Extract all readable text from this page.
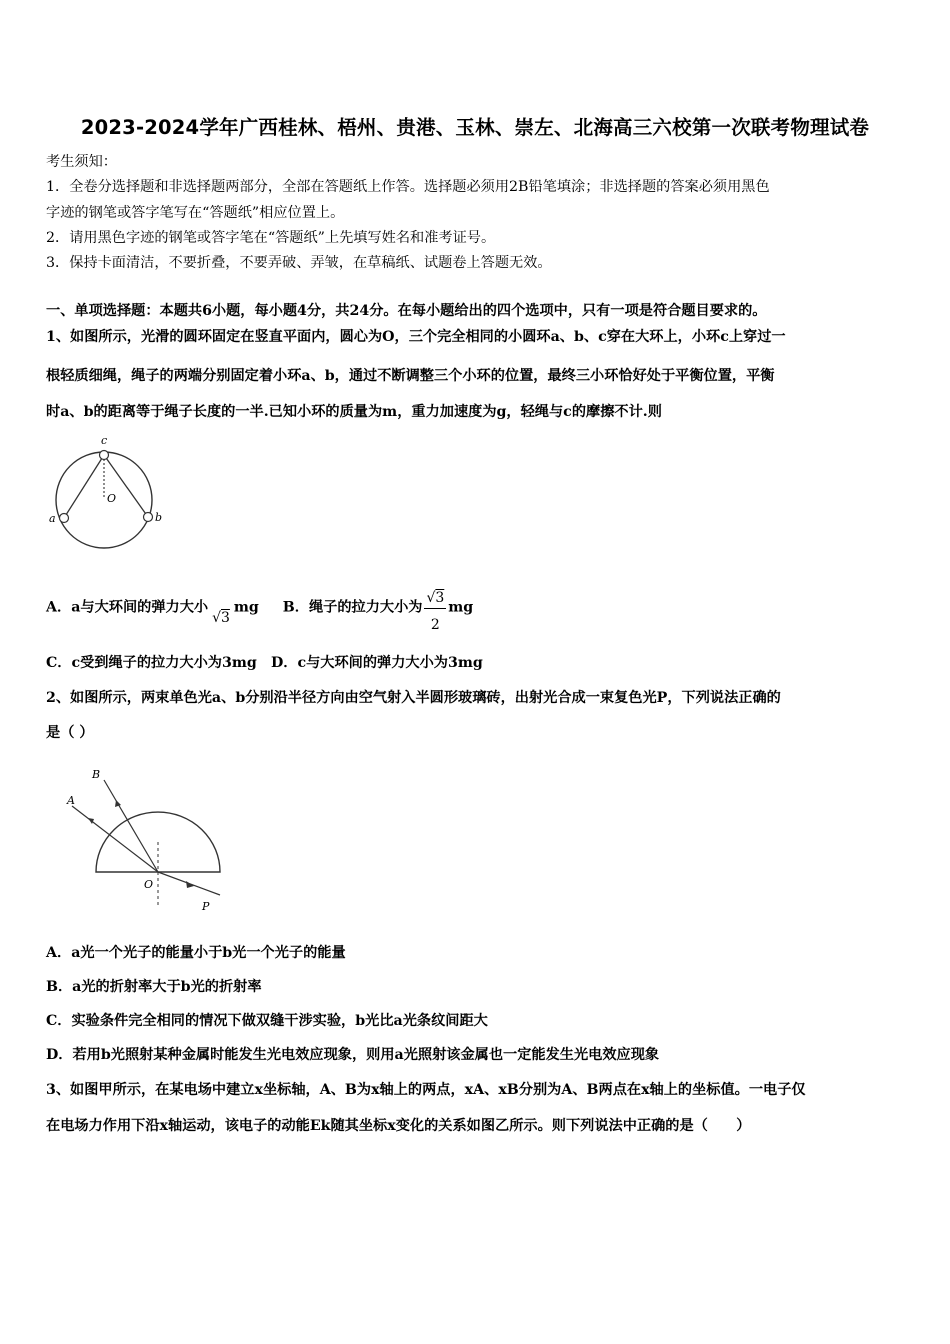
2023-2024学年广西桂林、梧州、贵港、玉林、崇左、北海高三六校第一次联考物理试卷
考生须知：
1．全卷分选择题和非选择题两部分，全部在答题纸上作答。选择题必须用2B铅笔填涂；非选择题的答案必须用黑色
字迹的钢笔或答字笔写在“答题纸”相应位置上。
2．请用黑色字迹的钢笔或答字笔在“答题纸”上先填写姓名和准考证号。
3．保持卡面清洁，不要折叠，不要弄破、弄皱，在草稿纸、试题卷上答题无效。
一、单项选择题：本题共6小题，每小题4分，共24分。在每小题给出的四个选项中，只有一项是符合题目要求的。
1、如图所示，光滑的圆环固定在竖直平面内，圆心为O，三个完全相同的小圆环a、b、c穿在大环上，小环c上穿过一
根轻质细绳，绳子的两端分别固定着小环a、b，通过不断调整三个小环的位置，最终三小环恰好处于平衡位置，平衡
时a、b的距离等于绳子长度的一半.已知小环的质量为m，重力加速度为g，轻绳与c的摩擦不计.则
c
O
a	b
A．a与大环间的弹力大小√3mg B．绳子的拉力大小为 $\frac{√3}{2}$ mg
C．c受到绳子的拉力大小为3mg　D．c与大环间的弹力大小为3mg
2、如图所示，两束单色光a、b分别沿半径方向由空气射入半圆形玻璃砖，出射光合成一束复色光P，下列说法正确的
是（ ）
A
B
O
P
A．a光一个光子的能量小于b光一个光子的能量
B．a光的折射率大于b光的折射率
C．实验条件完全相同的情况下做双缝干涉实验，b光比a光条纹间距大
D．若用b光照射某种金属时能发生光电效应现象，则用a光照射该金属也一定能发生光电效应现象
3、如图甲所示，在某电场中建立x坐标轴，A、B为x轴上的两点，xA、xB分别为A、B两点在x轴上的坐标值。一电子仅
在电场力作用下沿x轴运动，该电子的动能Ek随其坐标x变化的关系如图乙所示。则下列说法中正确的是（　　）
